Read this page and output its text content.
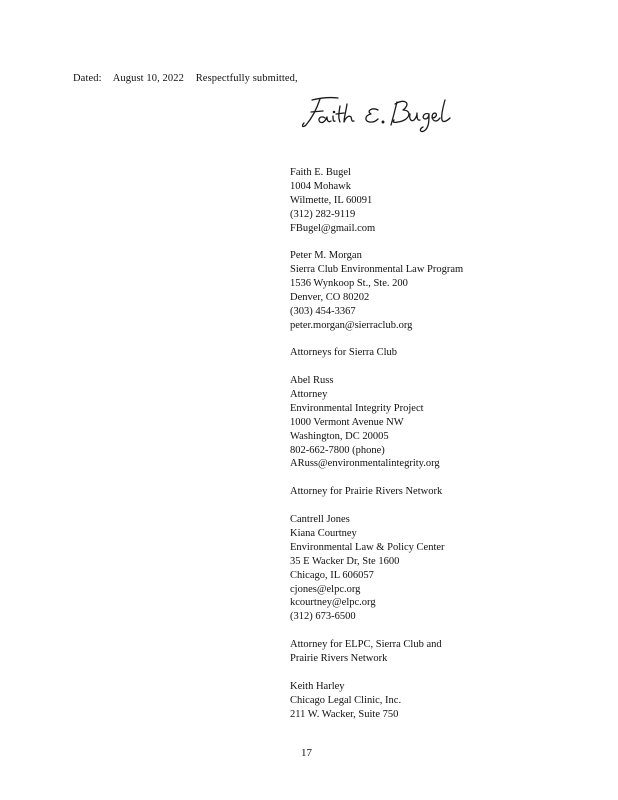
Dated: August 10, 2022 Respectfully submitted,
Faith E. Bugel
1004 Mohawk
Wilmette, IL 60091
(312) 282-9119
FBugel@gmail.com
Peter M. Morgan
Sierra Club Environmental Law Program
1536 Wynkoop St., Ste. 200
Denver, CO 80202
(303) 454-3367
peter.morgan@sierraclub.org
Attorneys for Sierra Club
Abel Russ
Attorney
Environmental Integrity Project
1000 Vermont Avenue NW
Washington, DC 20005
802-662-7800 (phone)
ARuss@environmentalintegrity.org
Attorney for Prairie Rivers Network
Cantrell Jones
Kiana Courtney
Environmental Law & Policy Center
35 E Wacker Dr, Ste 1600
Chicago, IL 606057
cjones@elpc.org
kcourtney@elpc.org
(312) 673-6500
Attorney for ELPC, Sierra Club and
Prairie Rivers Network
Keith Harley
Chicago Legal Clinic, Inc.
211 W. Wacker, Suite 750
17
